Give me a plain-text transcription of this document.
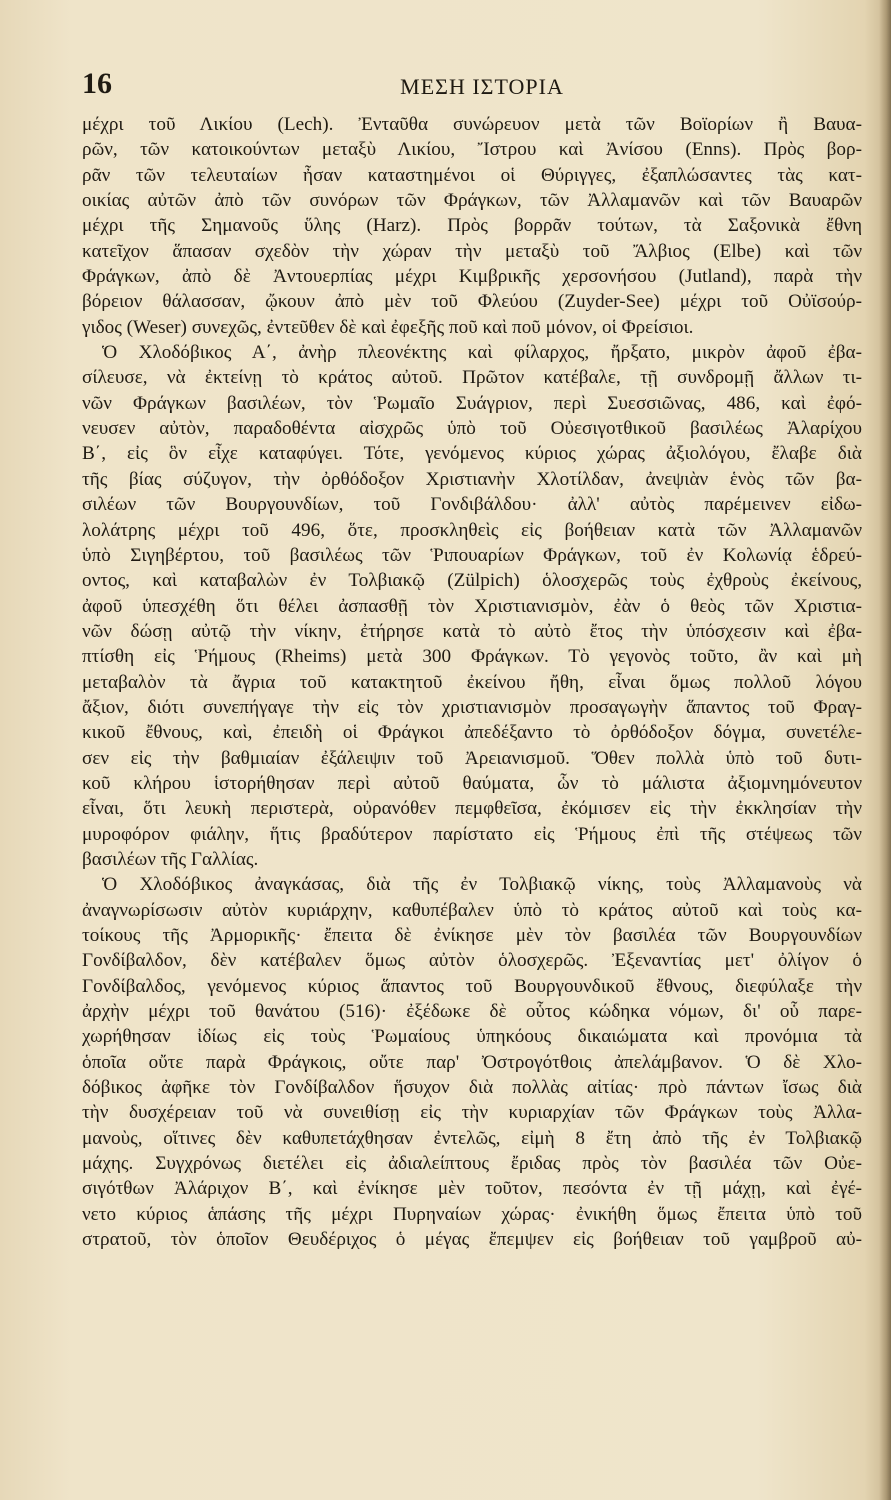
16	ΜΕΣΗ ΙΣΤΟΡΙΑ
μέχρι τοῦ Λικίου (Lech). Ἐνταῦθα συνώρευον μετὰ τῶν Βοϊορίων ἢ Βαυα-
ρῶν, τῶν κατοικούντων μεταξὺ Λικίου, Ἴστρου καὶ Ἀνίσου (Enns). Πρὸς βορ-
ρᾶν τῶν τελευταίων ἦσαν καταστημένοι οἱ Θύριγγες, ἐξαπλώσαντες τὰς κατ-
οικίας αὐτῶν ἀπὸ τῶν συνόρων τῶν Φράγκων, τῶν Ἀλλαμανῶν καὶ τῶν Βαυαρῶν
μέχρι τῆς Σημανοῦς ὕλης (Harz). Πρὸς βορρᾶν τούτων, τὰ Σαξονικὰ ἔθνη
κατεῖχον ἅπασαν σχεδὸν τὴν χώραν τὴν μεταξὺ τοῦ Ἄλβιος (Elbe) καὶ τῶν
Φράγκων, ἀπὸ δὲ Ἀντουερπίας μέχρι Κιμβρικῆς χερσονήσου (Jutland), παρὰ τὴν
βόρειον θάλασσαν, ᾤκουν ἀπὸ μὲν τοῦ Φλεύου (Zuyder-See) μέχρι τοῦ Οὐϊσούρ-
γιδος (Weser) συνεχῶς, ἐντεῦθεν δὲ καὶ ἐφεξῆς ποῦ καὶ ποῦ μόνον, οἱ Φρείσιοι.
Ὁ Χλοδόβικος Α΄, ἀνὴρ πλεονέκτης καὶ φίλαρχος, ἤρξατο, μικρὸν ἀφοῦ ἐβα-
σίλευσε, νὰ ἐκτείνῃ τὸ κράτος αὐτοῦ. Πρῶτον κατέβαλε, τῇ συνδρομῇ ἄλλων τι-
νῶν Φράγκων βασιλέων, τὸν Ῥωμαῖο Συάγριον, περὶ Συεσσιῶνας, 486, καὶ ἐφό-
νευσεν αὐτὸν, παραδοθέντα αἰσχρῶς ὑπὸ τοῦ Οὐεσιγοτθικοῦ βασιλέως Ἀλαρίχου
Β΄, εἰς ὃν εἶχε καταφύγει. Τότε, γενόμενος κύριος χώρας ἀξιολόγου, ἔλαβε διὰ
τῆς βίας σύζυγον, τὴν ὀρθόδοξον Χριστιανὴν Χλοτίλδαν, ἀνεψιὰν ἑνὸς τῶν βα-
σιλέων τῶν Βουργουνδίων, τοῦ Γονδιβάλδου· ἀλλ' αὐτὸς παρέμεινεν εἰδω-
λολάτρης μέχρι τοῦ 496, ὅτε, προσκληθεὶς εἰς βοήθειαν κατὰ τῶν Ἀλλαμανῶν
ὑπὸ Σιγηβέρτου, τοῦ βασιλέως τῶν Ῥιπουαρίων Φράγκων, τοῦ ἐν Κολωνίᾳ ἑδρεύ-
οντος, καὶ καταβαλὼν ἐν Τολβιακῷ (Zülpich) ὁλοσχερῶς τοὺς ἐχθροὺς ἐκείνους,
ἀφοῦ ὑπεσχέθη ὅτι θέλει ἀσπασθῇ τὸν Χριστιανισμὸν, ἐὰν ὁ θεὸς τῶν Χριστια-
νῶν δώσῃ αὐτῷ τὴν νίκην, ἐτήρησε κατὰ τὸ αὐτὸ ἔτος τὴν ὑπόσχεσιν καὶ ἐβα-
πτίσθη εἰς Ῥήμους (Rheims) μετὰ 300 Φράγκων. Τὸ γεγονὸς τοῦτο, ἂν καὶ μὴ
μεταβαλὸν τὰ ἄγρια τοῦ κατακτητοῦ ἐκείνου ἤθη, εἶναι ὅμως πολλοῦ λόγου
ἄξιον, διότι συνεπήγαγε τὴν εἰς τὸν χριστιανισμὸν προσαγωγὴν ἅπαντος τοῦ Φραγ-
κικοῦ ἔθνους, καὶ, ἐπειδὴ οἱ Φράγκοι ἀπεδέξαντο τὸ ὀρθόδοξον δόγμα, συνετέλε-
σεν εἰς τὴν βαθμιαίαν ἐξάλειψιν τοῦ Ἀρειανισμοῦ. Ὅθεν πολλὰ ὑπὸ τοῦ δυτι-
κοῦ κλήρου ἱστορήθησαν περὶ αὐτοῦ θαύματα, ὧν τὸ μάλιστα ἀξιομνημόνευτον
εἶναι, ὅτι λευκὴ περιστερὰ, οὐρανόθεν πεμφθεῖσα, ἐκόμισεν εἰς τὴν ἐκκλησίαν τὴν
μυροφόρον φιάλην, ἥτις βραδύτερον παρίστατο εἰς Ῥήμους ἐπὶ τῆς στέψεως τῶν
βασιλέων τῆς Γαλλίας.
Ὁ Χλοδόβικος ἀναγκάσας, διὰ τῆς ἐν Τολβιακῷ νίκης, τοὺς Ἀλλαμανοὺς νὰ
ἀναγνωρίσωσιν αὐτὸν κυριάρχην, καθυπέβαλεν ὑπὸ τὸ κράτος αὐτοῦ καὶ τοὺς κα-
τοίκους τῆς Ἀρμορικῆς· ἔπειτα δὲ ἐνίκησε μὲν τὸν βασιλέα τῶν Βουργουνδίων
Γονδίβαλδον, δὲν κατέβαλεν ὅμως αὐτὸν ὁλοσχερῶς. Ἐξεναντίας μετ' ὀλίγον ὁ
Γονδίβαλδος, γενόμενος κύριος ἅπαντος τοῦ Βουργουνδικοῦ ἔθνους, διεφύλαξε τὴν
ἀρχὴν μέχρι τοῦ θανάτου (516)· ἐξέδωκε δὲ οὗτος κώδηκα νόμων, δι' οὗ παρε-
χωρήθησαν ἰδίως εἰς τοὺς Ῥωμαίους ὑπηκόους δικαιώματα καὶ προνόμια τὰ
ὁποῖα οὔτε παρὰ Φράγκοις, οὔτε παρ' Ὀστρογότθοις ἀπελάμβανον. Ὁ δὲ Χλο-
δόβικος ἀφῆκε τὸν Γονδίβαλδον ἥσυχον διὰ πολλὰς αἰτίας· πρὸ πάντων ἴσως διὰ
τὴν δυσχέρειαν τοῦ νὰ συνειθίσῃ εἰς τὴν κυριαρχίαν τῶν Φράγκων τοὺς Ἀλλα-
μανοὺς, οἵτινες δὲν καθυπετάχθησαν ἐντελῶς, εἰμὴ 8 ἔτη ἀπὸ τῆς ἐν Τολβιακῷ
μάχης. Συγχρόνως διετέλει εἰς ἀδιαλείπτους ἔριδας πρὸς τὸν βασιλέα τῶν Οὐε-
σιγότθων Ἀλάριχον Β΄, καὶ ἐνίκησε μὲν τοῦτον, πεσόντα ἐν τῇ μάχῃ, καὶ ἐγέ-
νετο κύριος ἁπάσης τῆς μέχρι Πυρηναίων χώρας· ἐνικήθη ὅμως ἔπειτα ὑπὸ τοῦ
στρατοῦ, τὸν ὁποῖον Θευδέριχος ὁ μέγας ἔπεμψεν εἰς βοήθειαν τοῦ γαμβροῦ αὐ-
